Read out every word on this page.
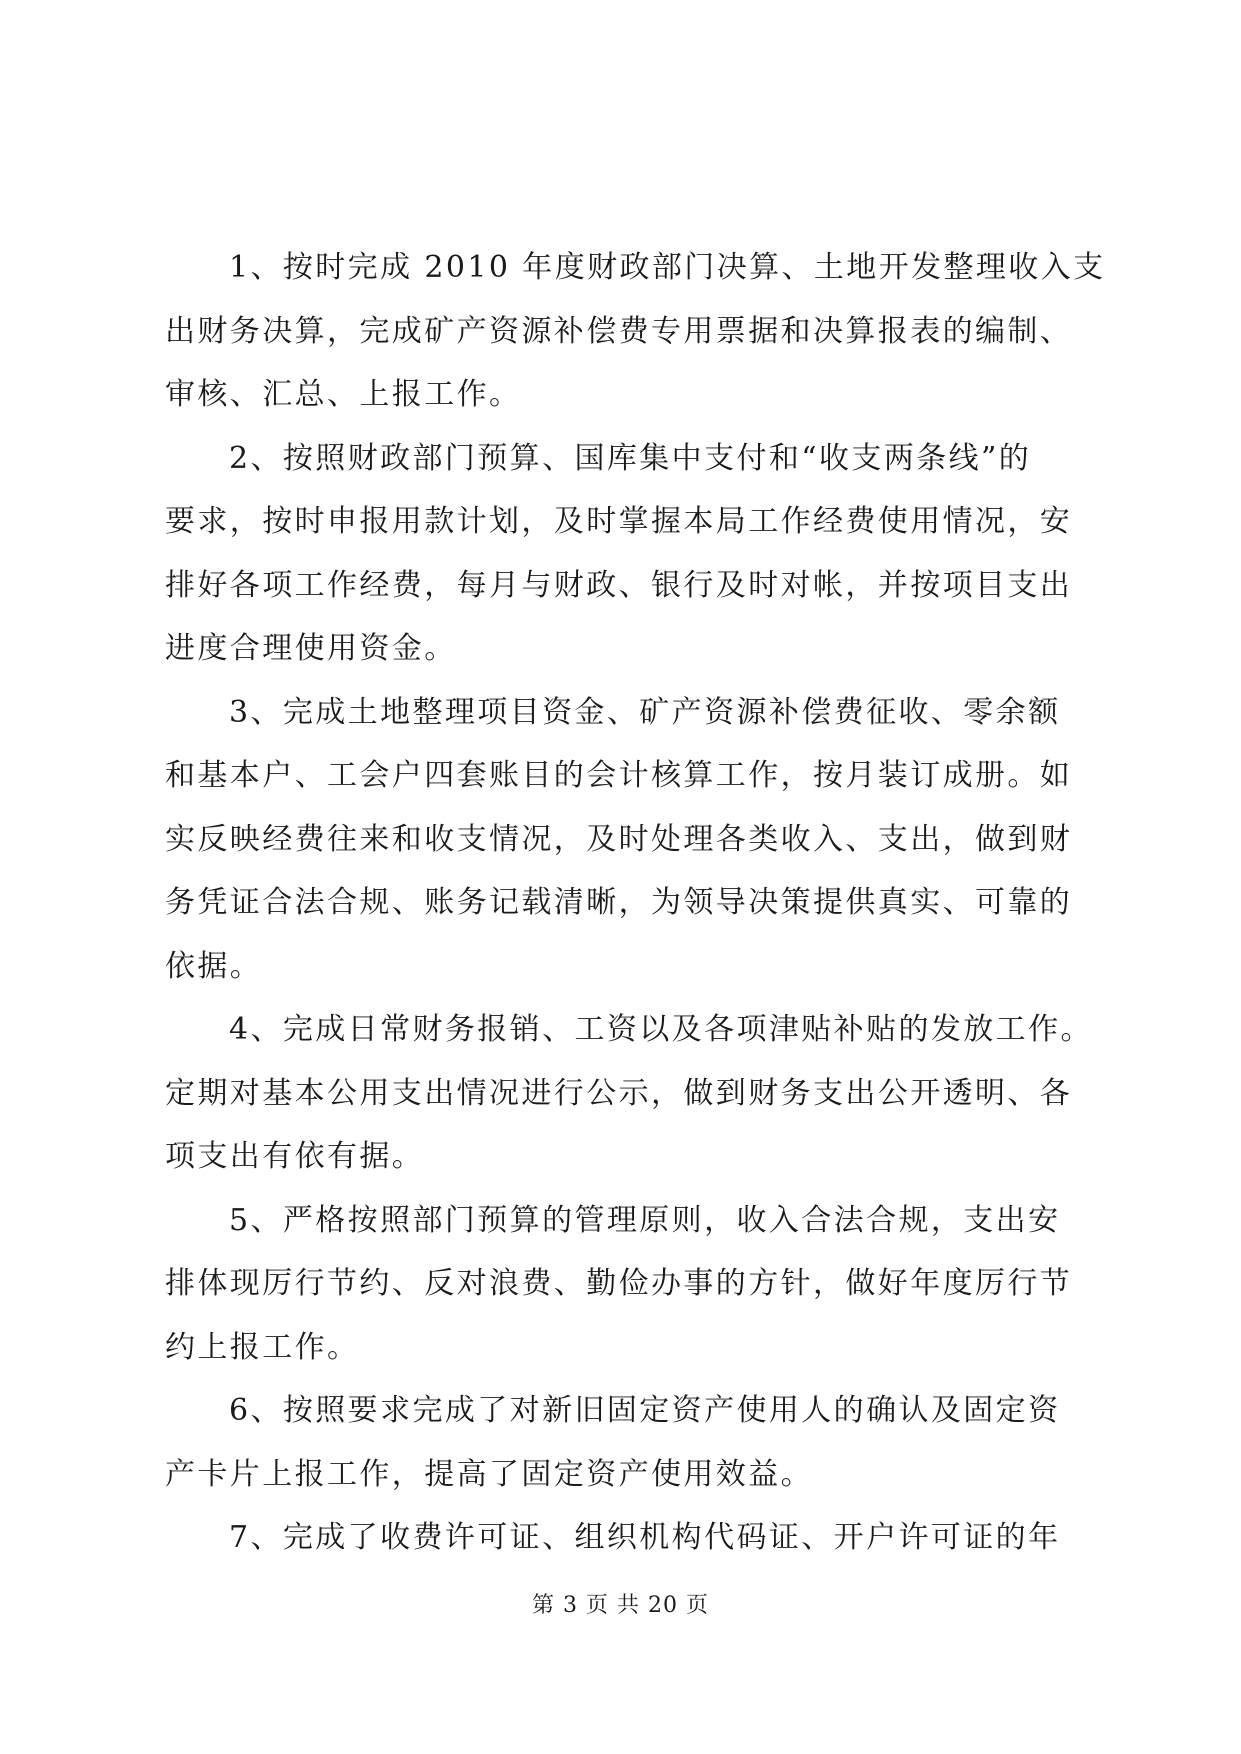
1、按时完成 2010 年度财政部门决算、土地开发整理收入支
出财务决算，完成矿产资源补偿费专用票据和决算报表的编制、
审核、汇总、上报工作。
2、按照财政部门预算、国库集中支付和“收支两条线”的
要求，按时申报用款计划，及时掌握本局工作经费使用情况，安
排好各项工作经费，每月与财政、银行及时对帐，并按项目支出
进度合理使用资金。
3、完成土地整理项目资金、矿产资源补偿费征收、零余额
和基本户、工会户四套账目的会计核算工作，按月装订成册。如
实反映经费往来和收支情况，及时处理各类收入、支出，做到财
务凭证合法合规、账务记载清晰，为领导决策提供真实、可靠的
依据。
4、完成日常财务报销、工资以及各项津贴补贴的发放工作。
定期对基本公用支出情况进行公示，做到财务支出公开透明、各
项支出有依有据。
5、严格按照部门预算的管理原则，收入合法合规，支出安
排体现厉行节约、反对浪费、勤俭办事的方针，做好年度厉行节
约上报工作。
6、按照要求完成了对新旧固定资产使用人的确认及固定资
产卡片上报工作，提高了固定资产使用效益。
7、完成了收费许可证、组织机构代码证、开户许可证的年
第 3 页 共 20 页
